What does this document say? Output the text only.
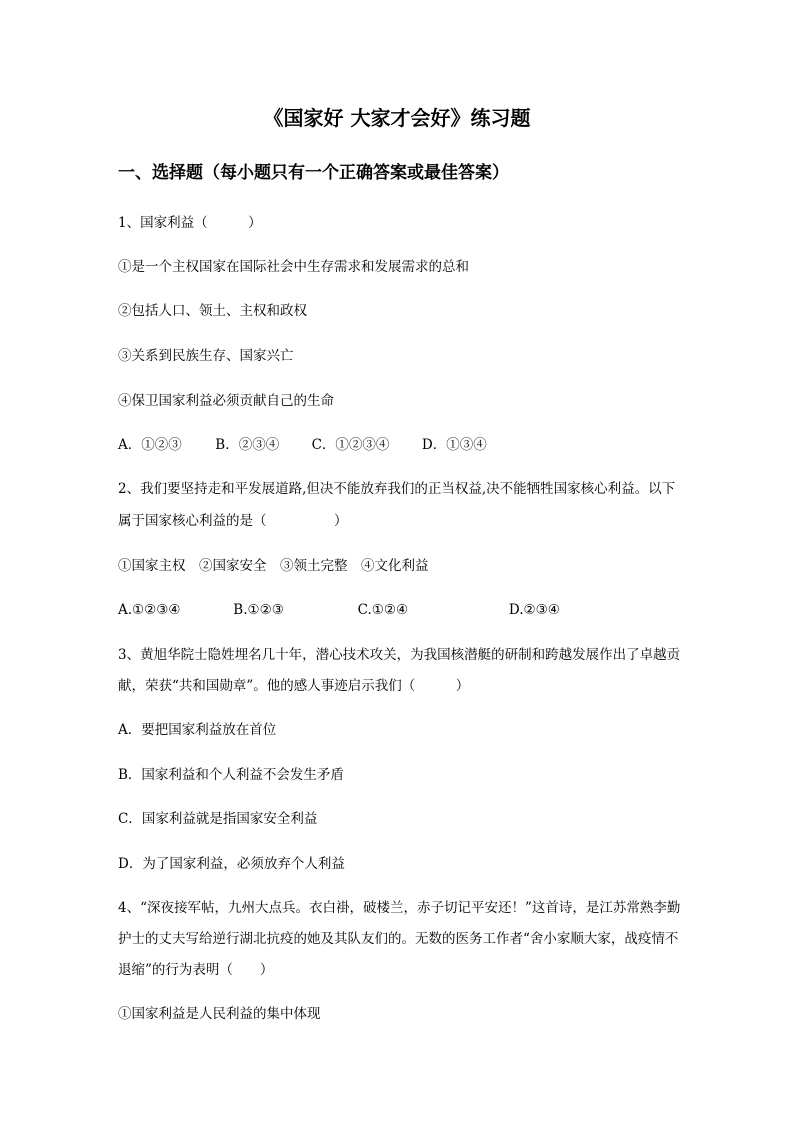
《国家好 大家才会好》练习题
一、选择题（每小题只有一个正确答案或最佳答案）
1、国家利益（　　　）
①是一个主权国家在国际社会中生存需求和发展需求的总和
②包括人口、领土、主权和政权
③关系到民族生存、国家兴亡
④保卫国家利益必须贡献自己的生命
A．①②③ B．②③④ C．①②③④ D．①③④
2、我们要坚持走和平发展道路,但决不能放弃我们的正当权益,决不能牺牲国家核心利益。以下
属于国家核心利益的是（　　　　　）
①国家主权　②国家安全　③领土完整　④文化利益
A.①②③④	B.①②③	C.①②④	D.②③④
3、黄旭华院士隐姓埋名几十年，潜心技术攻关，为我国核潜艇的研制和跨越发展作出了卓越贡
献，荣获“共和国勋章”。他的感人事迹启示我们（　　　）
A．要把国家利益放在首位
B．国家利益和个人利益不会发生矛盾
C．国家利益就是指国家安全利益
D．为了国家利益，必须放弃个人利益
4、“深夜接军帖，九州大点兵。衣白褂，破楼兰，赤子切记平安还！”这首诗，是江苏常熟李勤
护士的丈夫写给逆行湖北抗疫的她及其队友们的。无数的医务工作者“舍小家顺大家，战疫情不
退缩”的行为表明（　　）
①国家利益是人民利益的集中体现
